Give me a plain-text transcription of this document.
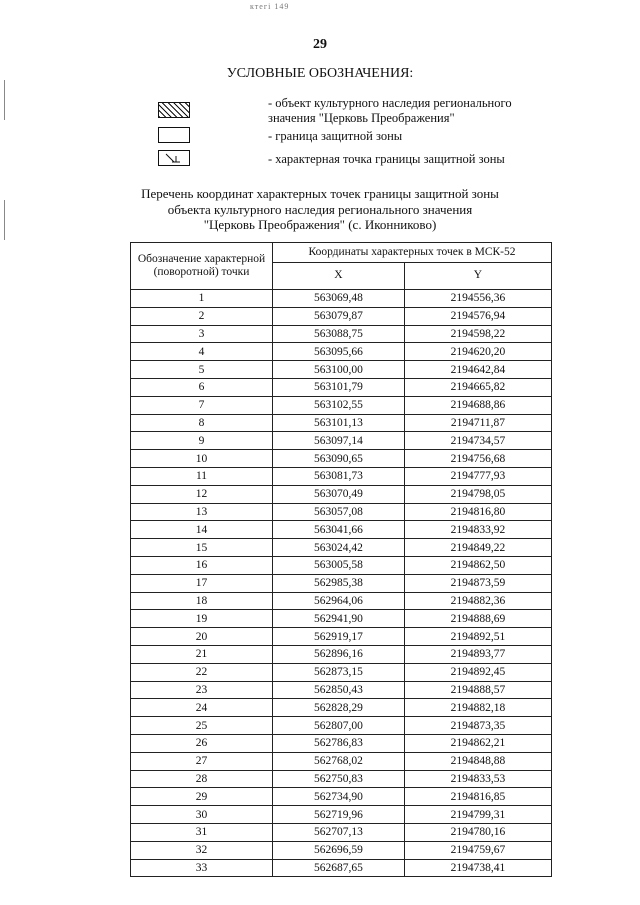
ктегі 149
29
УСЛОВНЫЕ ОБОЗНАЧЕНИЯ:
- объект культурного наследия регионального значения "Церковь Преображения"
- граница защитной зоны
- характерная точка границы защитной зоны
Перечень координат характерных точек границы защитной зоны
объекта культурного наследия регионального значения
"Церковь Преображения" (с. Иконниково)
Обозначение характерной (поворотной) точки	Координаты характерных точек в МСК-52	
	X	Y
1	563069,48	2194556,36
2	563079,87	2194576,94
3	563088,75	2194598,22
4	563095,66	2194620,20
5	563100,00	2194642,84
6	563101,79	2194665,82
7	563102,55	2194688,86
8	563101,13	2194711,87
9	563097,14	2194734,57
10	563090,65	2194756,68
11	563081,73	2194777,93
12	563070,49	2194798,05
13	563057,08	2194816,80
14	563041,66	2194833,92
15	563024,42	2194849,22
16	563005,58	2194862,50
17	562985,38	2194873,59
18	562964,06	2194882,36
19	562941,90	2194888,69
20	562919,17	2194892,51
21	562896,16	2194893,77
22	562873,15	2194892,45
23	562850,43	2194888,57
24	562828,29	2194882,18
25	562807,00	2194873,35
26	562786,83	2194862,21
27	562768,02	2194848,88
28	562750,83	2194833,53
29	562734,90	2194816,85
30	562719,96	2194799,31
31	562707,13	2194780,16
32	562696,59	2194759,67
33	562687,65	2194738,41
